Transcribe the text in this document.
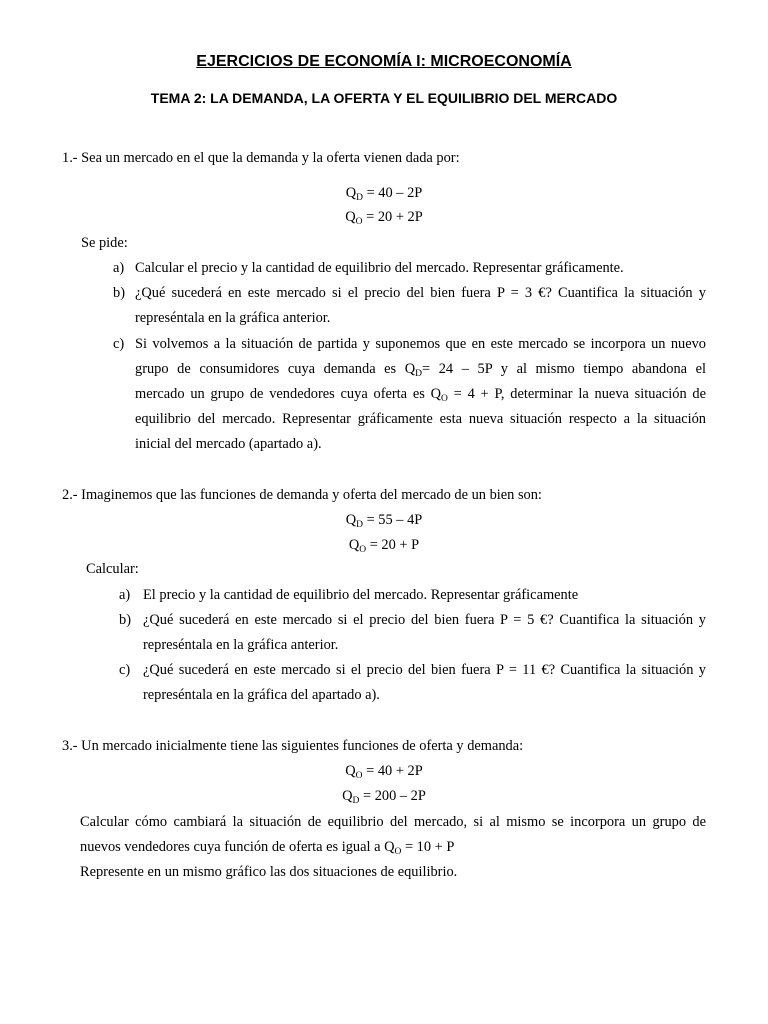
EJERCICIOS DE ECONOMÍA I: MICROECONOMÍA
TEMA 2: LA DEMANDA, LA OFERTA Y EL EQUILIBRIO DEL MERCADO
1.- Sea un mercado en el que la demanda y la oferta vienen dada por:
$Q_D = 40 - 2P$
$Q_O = 20 + 2P$
Se pide:
a) Calcular el precio y la cantidad de equilibrio del mercado. Representar gráficamente.
b) ¿Qué sucederá en este mercado si el precio del bien fuera P = 3 €? Cuantifica la situación y
represéntala en la gráfica anterior.
c) Si volvemos a la situación de partida y suponemos que en este mercado se incorpora un nuevo
grupo de consumidores cuya demanda es $Q_D= 24 - 5P$ y al mismo tiempo abandona el
mercado un grupo de vendedores cuya oferta es $Q_O = 4 + P$, determinar la nueva situación de
equilibrio del mercado. Representar gráficamente esta nueva situación respecto a la situación
inicial del mercado (apartado a).
2.- Imaginemos que las funciones de demanda y oferta del mercado de un bien son:
$Q_D = 55 - 4P$
$Q_O = 20 + P$
Calcular:
a) El precio y la cantidad de equilibrio del mercado. Representar gráficamente
b) ¿Qué sucederá en este mercado si el precio del bien fuera P = 5 €? Cuantifica la situación y
represéntala en la gráfica anterior.
c) ¿Qué sucederá en este mercado si el precio del bien fuera P = 11 €? Cuantifica la situación y
represéntala en la gráfica del apartado a).
3.- Un mercado inicialmente tiene las siguientes funciones de oferta y demanda:
$Q_O = 40 + 2P$
$Q_D = 200 - 2P$
Calcular cómo cambiará la situación de equilibrio del mercado, si al mismo se incorpora un grupo de
nuevos vendedores cuya función de oferta es igual a $Q_O = 10 + P$
Represente en un mismo gráfico las dos situaciones de equilibrio.
